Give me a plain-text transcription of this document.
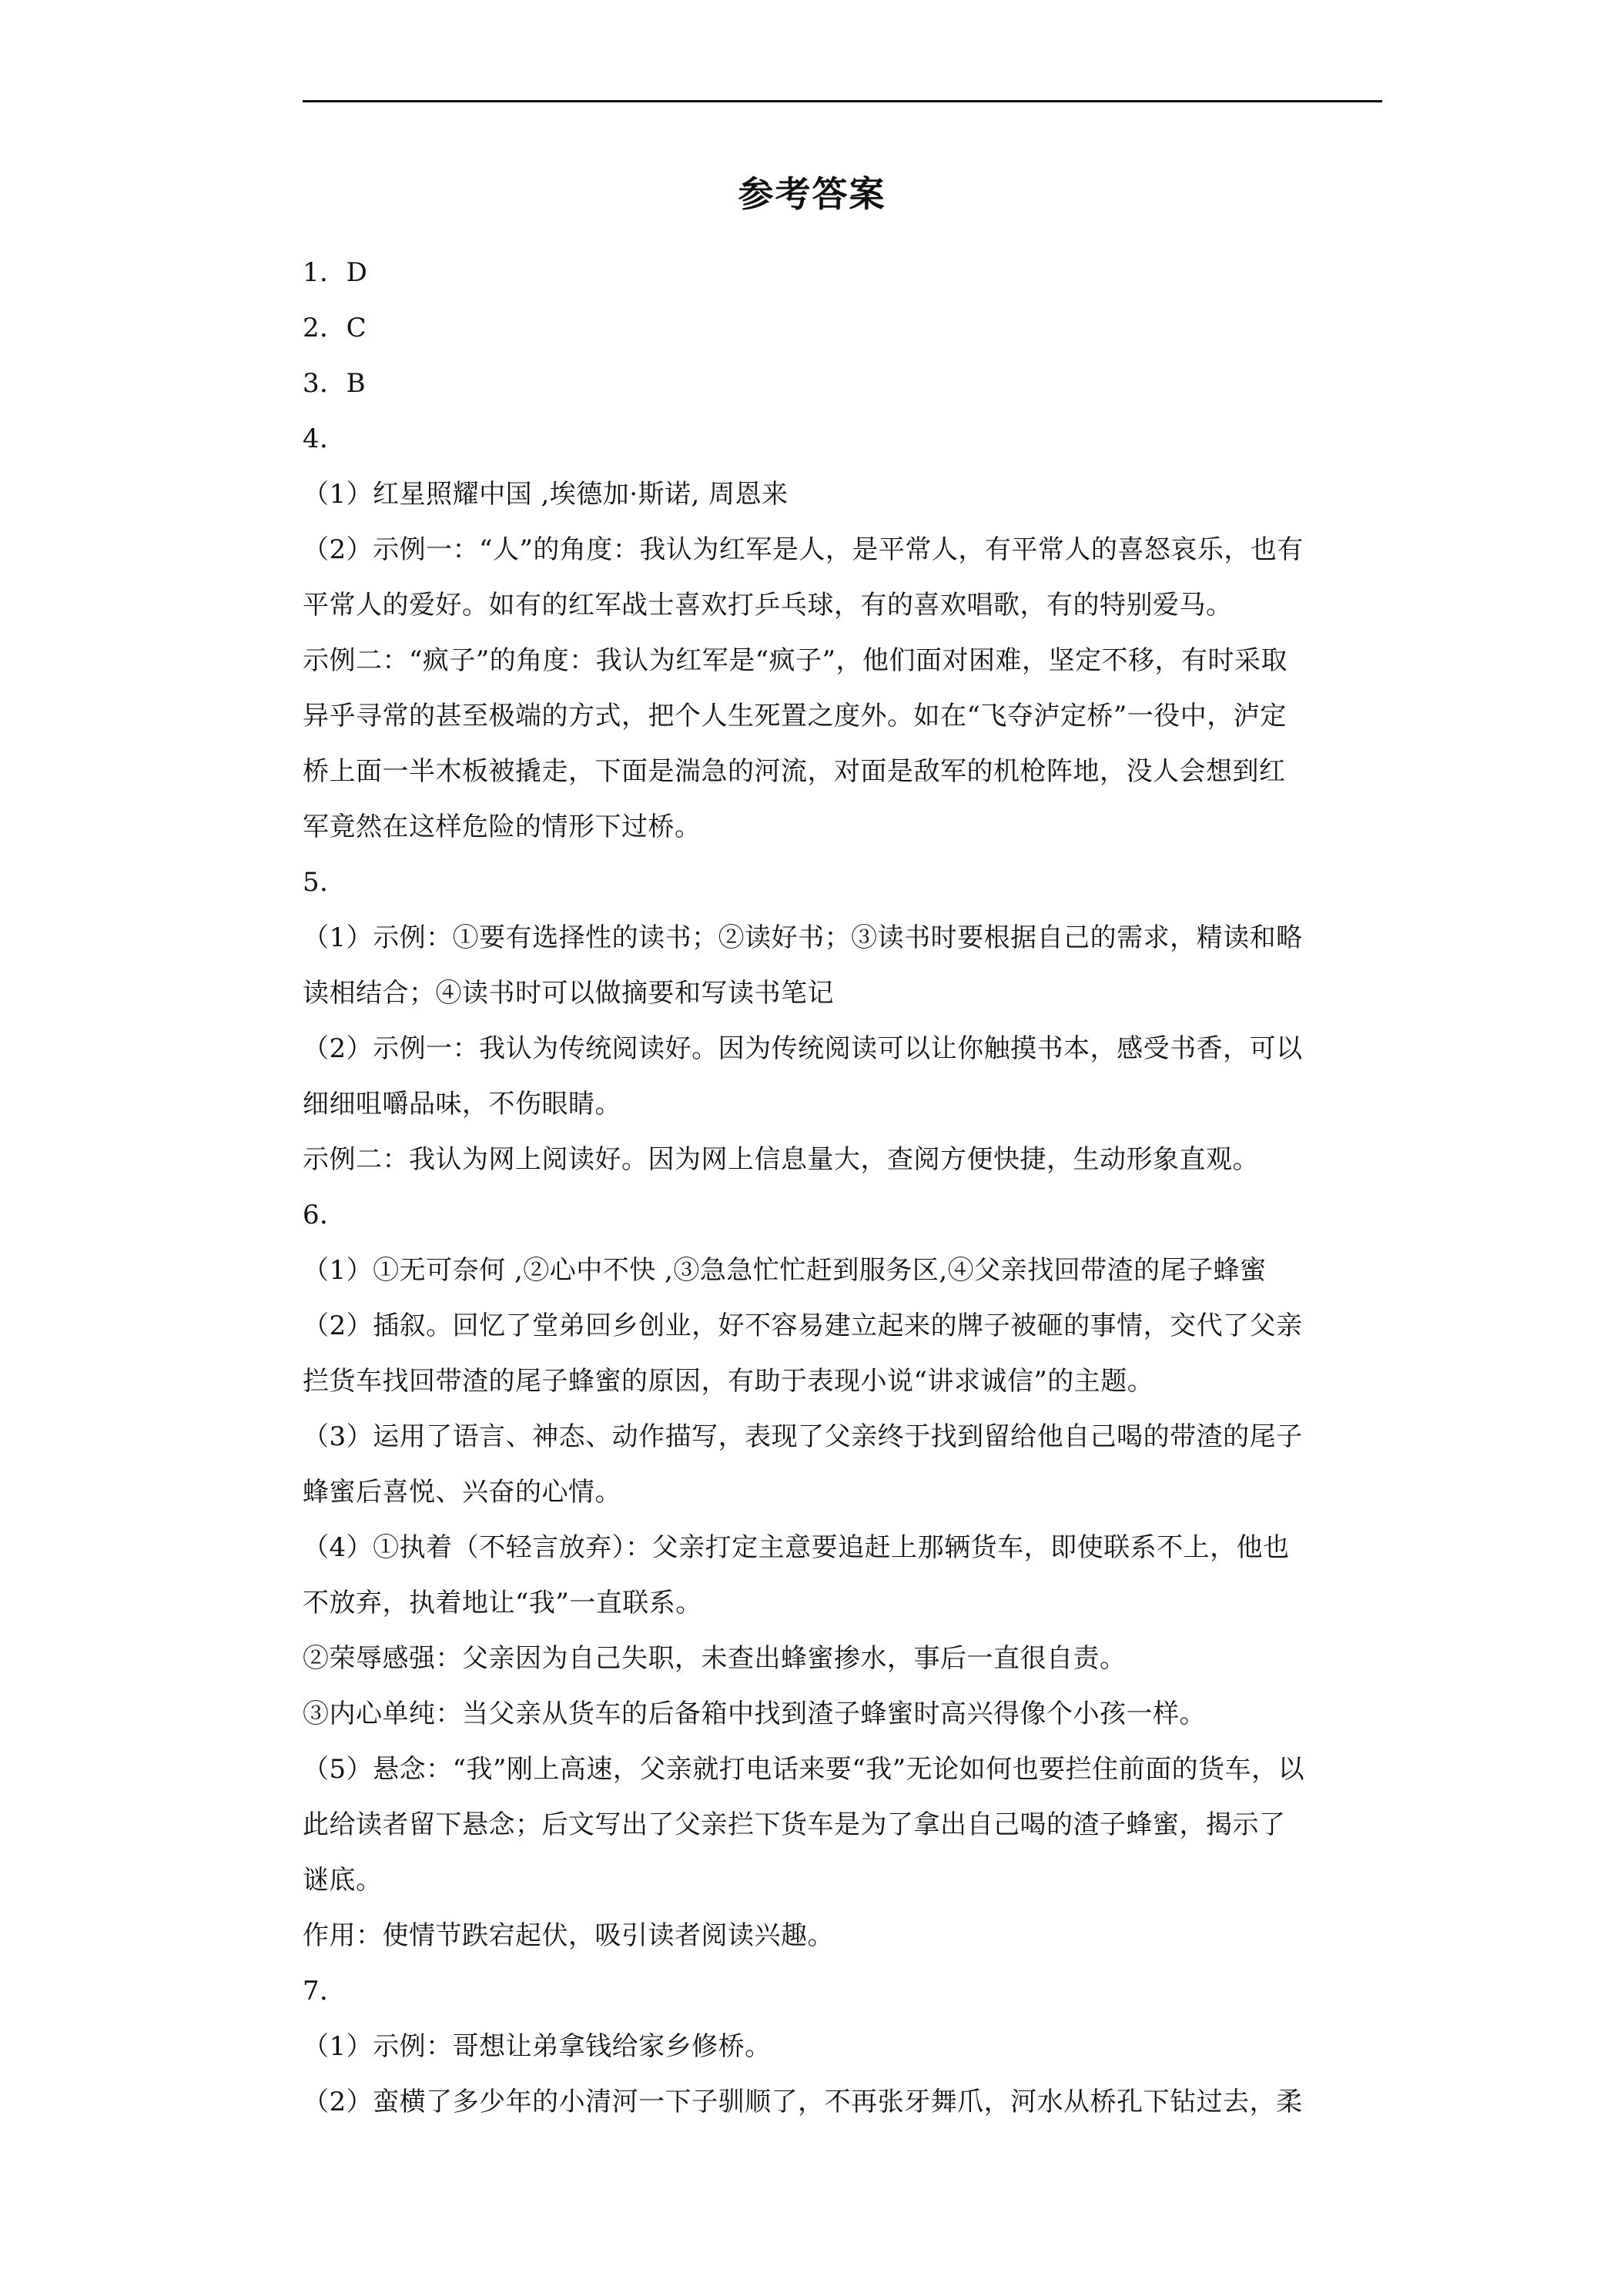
参考答案
1．D
2．C
3．B
4．
（1）红星照耀中国 ,埃德加·斯诺, 周恩来
（2）示例一：“人”的角度：我认为红军是人，是平常人，有平常人的喜怒哀乐，也有
平常人的爱好。如有的红军战士喜欢打乒乓球，有的喜欢唱歌，有的特别爱马。
示例二：“疯子”的角度：我认为红军是“疯子”，他们面对困难，坚定不移，有时采取
异乎寻常的甚至极端的方式，把个人生死置之度外。如在“飞夺泸定桥”一役中，泸定
桥上面一半木板被撬走，下面是湍急的河流，对面是敌军的机枪阵地，没人会想到红
军竟然在这样危险的情形下过桥。
5．
（1）示例：①要有选择性的读书；②读好书；③读书时要根据自己的需求，精读和略
读相结合；④读书时可以做摘要和写读书笔记
（2）示例一：我认为传统阅读好。因为传统阅读可以让你触摸书本，感受书香，可以
细细咀嚼品味，不伤眼睛。
示例二：我认为网上阅读好。因为网上信息量大，查阅方便快捷，生动形象直观。
6．
（1）①无可奈何 ,②心中不快 ,③急急忙忙赶到服务区,④父亲找回带渣的尾子蜂蜜
（2）插叙。回忆了堂弟回乡创业，好不容易建立起来的牌子被砸的事情，交代了父亲
拦货车找回带渣的尾子蜂蜜的原因，有助于表现小说“讲求诚信”的主题。
（3）运用了语言、神态、动作描写，表现了父亲终于找到留给他自己喝的带渣的尾子
蜂蜜后喜悦、兴奋的心情。
（4）①执着（不轻言放弃）：父亲打定主意要追赶上那辆货车，即使联系不上，他也
不放弃，执着地让“我”一直联系。
②荣辱感强：父亲因为自己失职，未查出蜂蜜掺水，事后一直很自责。
③内心单纯：当父亲从货车的后备箱中找到渣子蜂蜜时高兴得像个小孩一样。
（5）悬念：“我”刚上高速，父亲就打电话来要“我”无论如何也要拦住前面的货车，以
此给读者留下悬念；后文写出了父亲拦下货车是为了拿出自己喝的渣子蜂蜜，揭示了
谜底。
作用：使情节跌宕起伏，吸引读者阅读兴趣。
7．
（1）示例：哥想让弟拿钱给家乡修桥。
（2）蛮横了多少年的小清河一下子驯顺了，不再张牙舞爪，河水从桥孔下钻过去，柔
